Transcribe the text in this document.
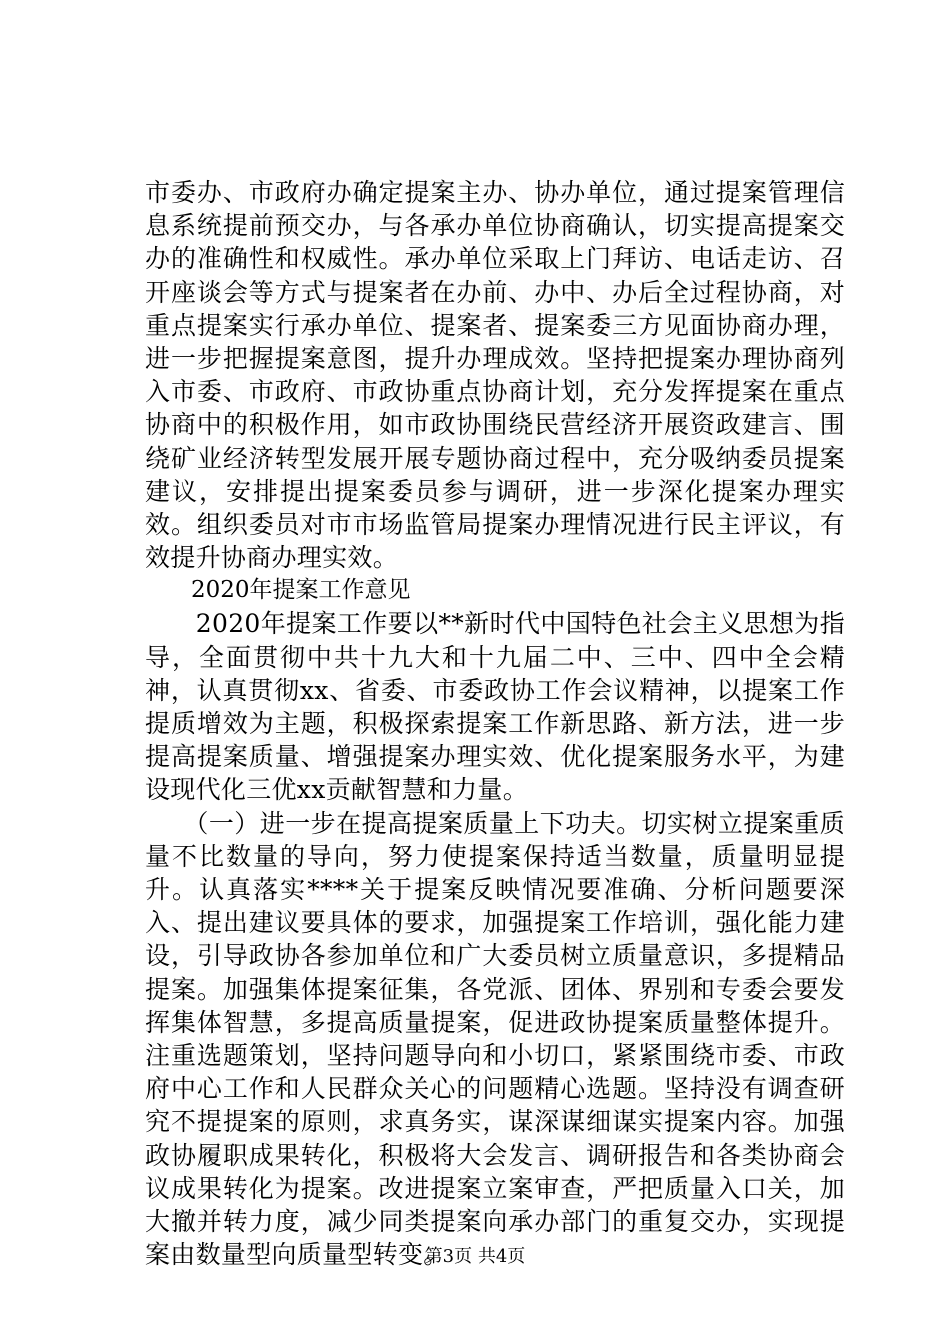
市委办、市政府办确定提案主办、协办单位，通过提案管理信息系统提前预交办，与各承办单位协商确认，切实提高提案交办的准确性和权威性。承办单位采取上门拜访、电话走访、召开座谈会等方式与提案者在办前、办中、办后全过程协商，对重点提案实行承办单位、提案者、提案委三方见面协商办理，进一步把握提案意图，提升办理成效。坚持把提案办理协商列入市委、市政府、市政协重点协商计划，充分发挥提案在重点协商中的积极作用，如市政协围绕民营经济开展资政建言、围绕矿业经济转型发展开展专题协商过程中，充分吸纳委员提案建议，安排提出提案委员参与调研，进一步深化提案办理实效。组织委员对市市场监管局提案办理情况进行民主评议，有效提升协商办理实效。

　　2020年提案工作意见

　　2020年提案工作要以**新时代中国特色社会主义思想为指导，全面贯彻中共十九大和十九届二中、三中、四中全会精神，认真贯彻xx、省委、市委政协工作会议精神，以提案工作提质增效为主题，积极探索提案工作新思路、新方法，进一步提高提案质量、增强提案办理实效、优化提案服务水平，为建设现代化三优xx贡献智慧和力量。

　　（一）进一步在提高提案质量上下功夫。切实树立提案重质量不比数量的导向，努力使提案保持适当数量，质量明显提升。认真落实****关于提案反映情况要准确、分析问题要深入、提出建议要具体的要求，加强提案工作培训，强化能力建设，引导政协各参加单位和广大委员树立质量意识，多提精品提案。加强集体提案征集，各党派、团体、界别和专委会要发挥集体智慧，多提高质量提案，促进政协提案质量整体提升。注重选题策划，坚持问题导向和小切口，紧紧围绕市委、市政府中心工作和人民群众关心的问题精心选题。坚持没有调查研究不提提案的原则，求真务实，谋深谋细谋实提案内容。加强政协履职成果转化，积极将大会发言、调研报告和各类协商会议成果转化为提案。改进提案立案审查，严把质量入口关，加大撤并转力度，减少同类提案向承办部门的重复交办，实现提案由数量型向质量型转变。

第3页 共4页
